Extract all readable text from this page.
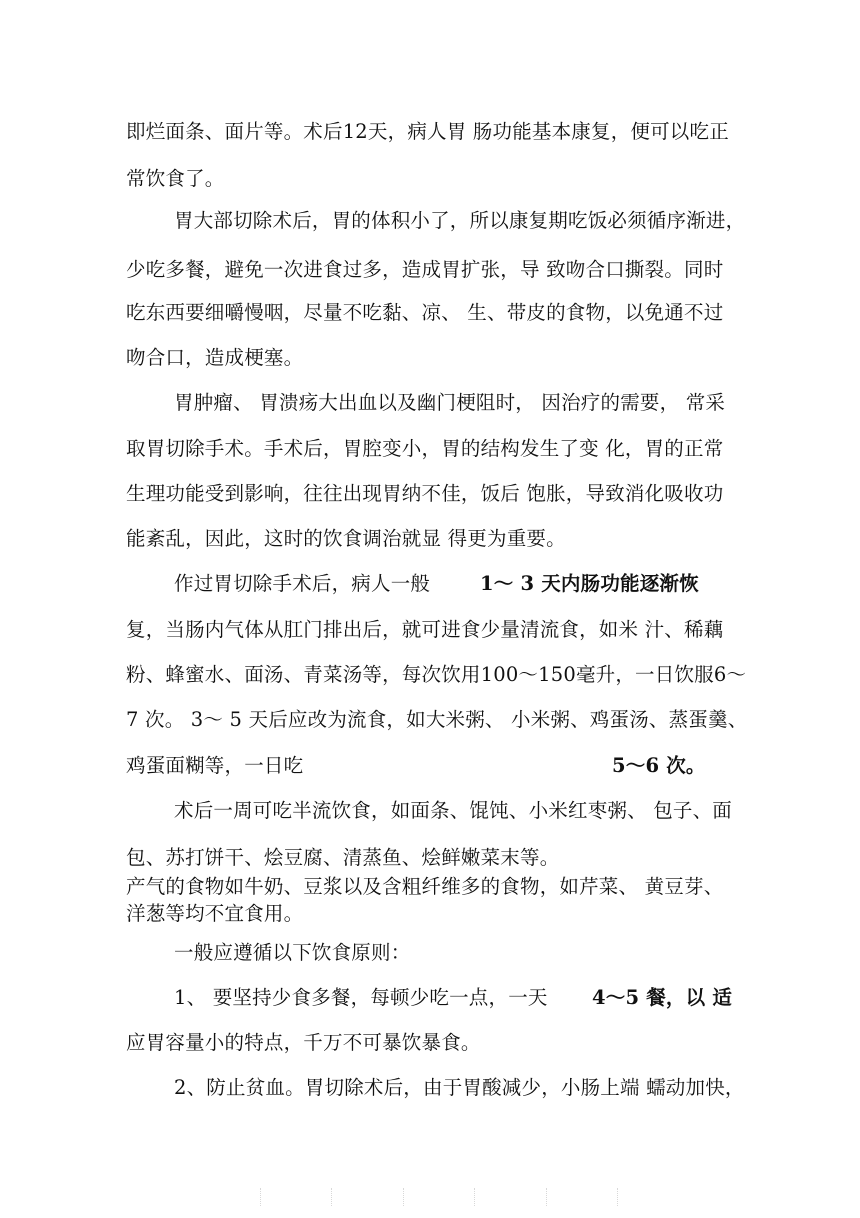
即烂面条、面片等。术后12天，病人胃 肠功能基本康复，便可以吃正
常饮食了。
胃大部切除术后，胃的体积小了，所以康复期吃饭必须循序渐进，
少吃多餐，避免一次进食过多，造成胃扩张，导 致吻合口撕裂。同时
吃东西要细嚼慢咽，尽量不吃黏、凉、 生、带皮的食物，以免通不过
吻合口，造成梗塞。
胃肿瘤、 胃溃疡大出血以及幽门梗阻时， 因治疗的需要， 常采
取胃切除手术。手术后，胃腔变小，胃的结构发生了变 化，胃的正常
生理功能受到影响，往往出现胃纳不佳，饭后 饱胀，导致消化吸收功
能紊乱，因此，这时的饮食调治就显 得更为重要。
作过胃切除手术后，病人一般	1～ 3 天内肠功能逐渐恢
复，当肠内气体从肛门排出后，就可进食少量清流食，如米 汁、稀藕
粉、蜂蜜水、面汤、青菜汤等，每次饮用100～150毫升，一日饮服6～
7 次。 3～ 5 天后应改为流食，如大米粥、 小米粥、鸡蛋汤、蒸蛋羹、
鸡蛋面糊等，一日吃	5～6 次。
术后一周可吃半流饮食，如面条、馄饨、小米红枣粥、 包子、面
包、苏打饼干、烩豆腐、清蒸鱼、烩鲜嫩菜末等。
产气的食物如牛奶、豆浆以及含粗纤维多的食物，如芹菜、 黄豆芽、
洋葱等均不宜食用。
一般应遵循以下饮食原则：
1、 要坚持少食多餐，每顿少吃一点，一天 4～5 餐，以 适
应胃容量小的特点，千万不可暴饮暴食。
2、防止贫血。胃切除术后，由于胃酸减少，小肠上端 蠕动加快，
